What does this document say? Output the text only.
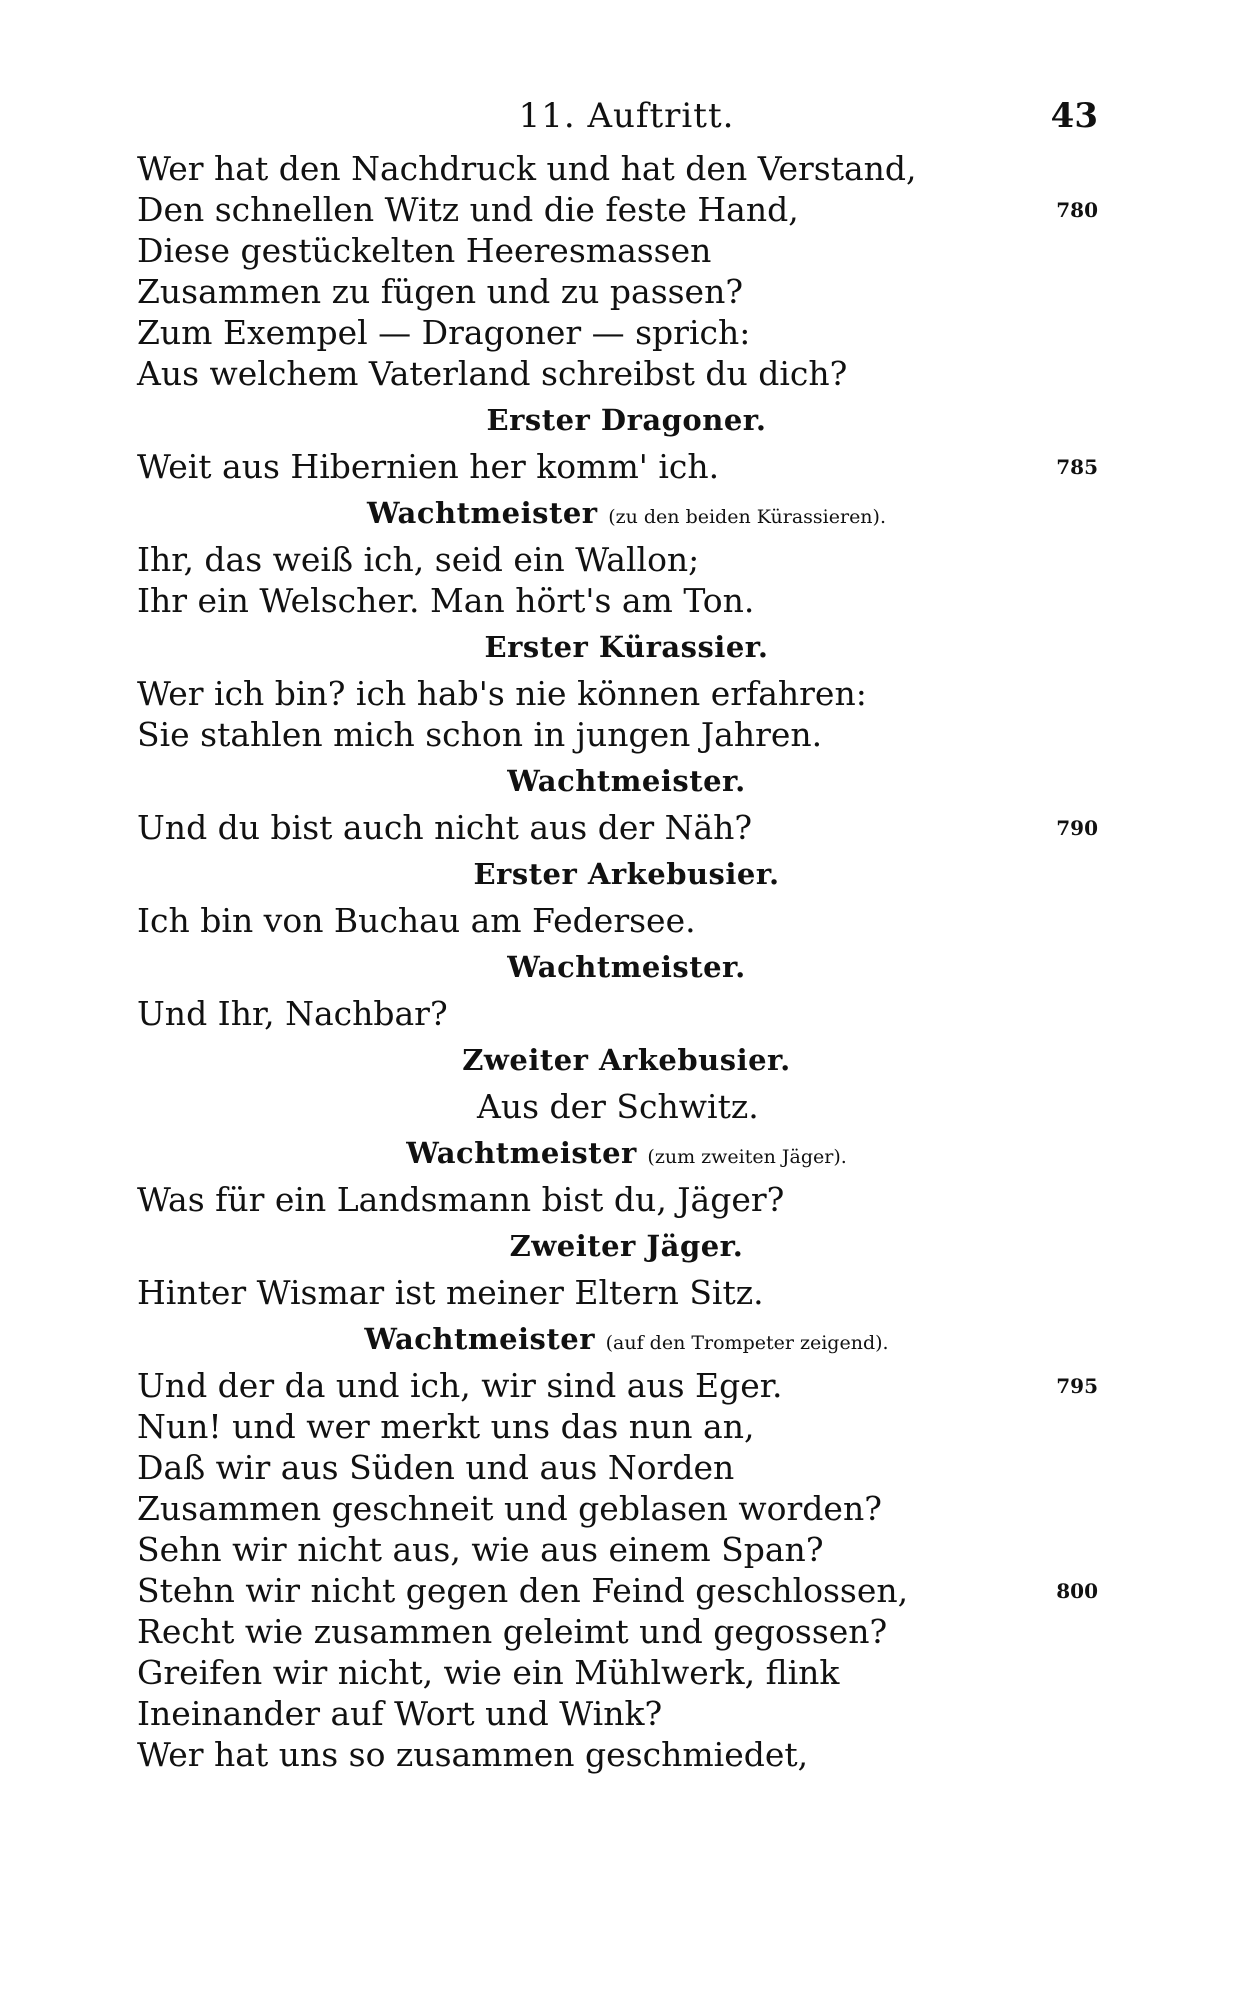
11. Auftritt.	43
Wer hat den Nachdruck und hat den Verstand,
Den schnellen Witz und die feste Hand,	780
Diese gestückelten Heeresmassen
Zusammen zu fügen und zu passen?
Zum Exempel — Dragoner — sprich:
Aus welchem Vaterland schreibst du dich?
Erster Dragoner.
Weit aus Hibernien her komm' ich.	785
Wachtmeister (zu den beiden Kürassieren).
Ihr, das weiß ich, seid ein Wallon;
Ihr ein Welscher. Man hört's am Ton.
Erster Kürassier.
Wer ich bin? ich hab's nie können erfahren:
Sie stahlen mich schon in jungen Jahren.
Wachtmeister.
Und du bist auch nicht aus der Näh?	790
Erster Arkebusier.
Ich bin von Buchau am Federsee.
Wachtmeister.
Und Ihr, Nachbar?
Zweiter Arkebusier.
Aus der Schwitz.
Wachtmeister (zum zweiten Jäger).
Was für ein Landsmann bist du, Jäger?
Zweiter Jäger.
Hinter Wismar ist meiner Eltern Sitz.
Wachtmeister (auf den Trompeter zeigend).
Und der da und ich, wir sind aus Eger.	795
Nun! und wer merkt uns das nun an,
Daß wir aus Süden und aus Norden
Zusammen geschneit und geblasen worden?
Sehn wir nicht aus, wie aus einem Span?
Stehn wir nicht gegen den Feind geschlossen,	800
Recht wie zusammen geleimt und gegossen?
Greifen wir nicht, wie ein Mühlwerk, flink
Ineinander auf Wort und Wink?
Wer hat uns so zusammen geschmiedet,
